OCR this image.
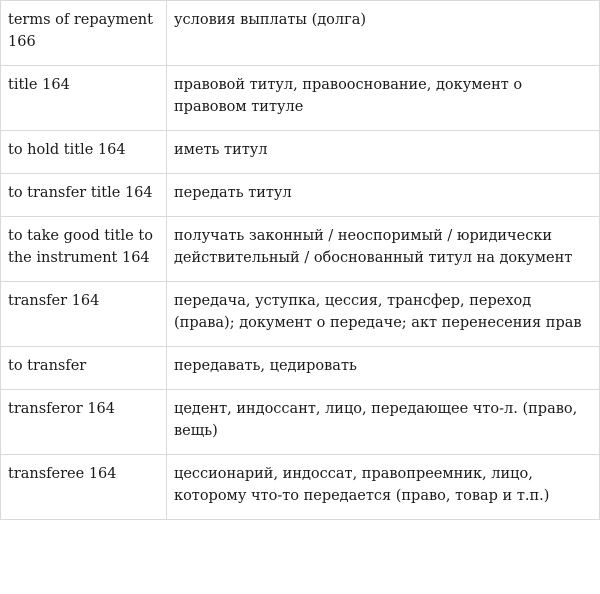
terms of repayment 166	условия выплаты (долга)
title 164	правовой титул, правооснование, документ о правовом титуле
to hold title 164	иметь титул
to transfer title 164	передать титул
to take good title to the instrument 164	получать законный / неоспоримый / юридически действительный / обоснованный титул на документ
transfer 164	передача, уступка, цессия, трансфер, переход (права); документ о передаче; акт перенесения прав
to transfer	передавать, цедировать
transferor 164	цедент, индоссант, лицо, передающее что-л. (право, вещь)
transferee 164	цессионарий, индоссат, правопреемник, лицо, которому что-то передается (право, товар и т.п.)
